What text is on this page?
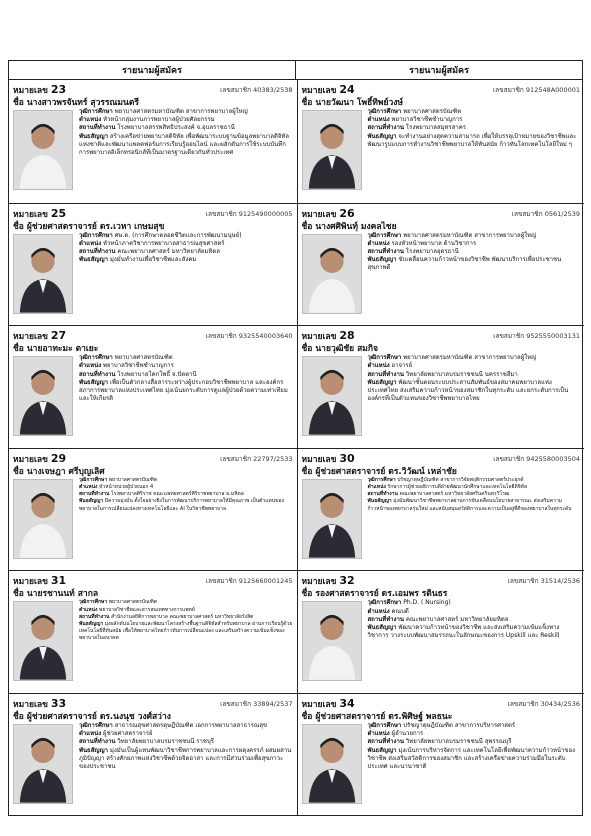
รายนามผู้สมัคร	รายนามผู้สมัคร
หมายเลข 23	เลขสมาชิก 40383/2538
ชื่อ นางสาวพรจันทร์ สุวรรณมนตรี

วุฒิการศึกษา พยาบาลศาสตรมหาบัณฑิต สาขาการพยาบาลผู้ใหญ่

ตำแหน่ง หัวหน้ากลุ่มงานการพยาบาลผู้ป่วยศัลยกรรม

สถานที่ทำงาน โรงพยาบาลสรรพสิทธิประสงค์ จ.อุบลราชธานี

พันธสัญญา สร้างเครือข่ายพยาบาลดิจิทัล เพื่อพัฒนาระบบฐานข้อมูลพยาบาลดิจิทัลแห่งชาติและพัฒนาแพลตฟอร์มการเรียนรู้ออนไลน์ และผลักดันการใช้ระบบบันทึกการพยาบาลอิเล็กทรอนิกส์ที่เป็นมาตรฐานเดียวกันทั่วประเทศ

หมายเลข 24	เลขสมาชิก 912548A000001
ชื่อ นายวัฒนา โพธิ์ทิพย์วงษ์

วุฒิการศึกษา พยาบาลศาสตรบัณฑิต

ตำแหน่ง พยาบาลวิชาชีพชำนาญการ

สถานที่ทำงาน โรงพยาบาลสมุทรสาคร

พันธสัญญา จะทำงานอย่างสุดความสามารถ เพื่อให้บรรลุเป้าหมายของวิชาชีพและพัฒนารูปแบบการทำงานวิชาชีพพยาบาลให้ทันสมัย ก้าวทันโลกเทคโนโลยีใหม่ ๆ

หมายเลข 25	เลขสมาชิก 9125490000005
ชื่อ ผู้ช่วยศาสตราจารย์ ดร.เวหา เกษมสุข

วุฒิการศึกษา ศษ.ด. (การศึกษาตลอดชีวิตและการพัฒนามนุษย์)

ตำแหน่ง หัวหน้าภาควิชาการพยาบาลสาธารณสุขศาสตร์

สถานที่ทำงาน คณะพยาบาลศาสตร์ มหาวิทยาลัยมหิดล

พันธสัญญา มุ่งมั่นทำงานเพื่อวิชาชีพและสังคม

หมายเลข 26	เลขสมาชิก 0561/2539
ชื่อ นางศศิพินทุ์ มงคลไชย

วุฒิการศึกษา พยาบาลศาสตรมหาบัณฑิต สาขาการพยาบาลผู้ใหญ่

ตำแหน่ง รองหัวหน้าพยาบาล ด้านวิชาการ

สถานที่ทำงาน โรงพยาบาลอุดรธานี

พันธสัญญา ขับเคลื่อนความก้าวหน้าของวิชาชีพ พัฒนาบริการเพื่อประชาชนสุขภาพดี

หมายเลข 27	เลขสมาชิก 9325540003640
ชื่อ นายอาทะมะ ตาเยะ

วุฒิการศึกษา พยาบาลศาสตรบัณฑิต

ตำแหน่ง พยาบาลวิชาชีพชำนาญการ

สถานที่ทำงาน โรงพยาบาลโคกโพธิ์ จ.ปัตตานี

พันธสัญญา เพื่อเป็นตัวกลางสื่อสารระหว่างผู้ประกอบวิชาชีพพยาบาล และองค์กรสภาการพยาบาลแห่งประเทศไทย มุ่งเน้นยกระดับการดูแลผู้ป่วยด้วยความเท่าเทียมและให้เกียรติ

หมายเลข 28	เลขสมาชิก 9525550003131
ชื่อ นายวุฒิชัย สมกิจ

วุฒิการศึกษา พยาบาลศาสตรมหาบัณฑิต สาขาการพยาบาลผู้ใหญ่

ตำแหน่ง อาจารย์

สถานที่ทำงาน วิทยาลัยพยาบาลบรมราชชนนี นครราชสีมา

พันธสัญญา พัฒนาชั้นตอนระบบประสานสัมพันธ์ของสมาคมพยาบาลแห่งประเทศไทย ส่งเสริมความก้าวหน้าของสมาชิกในทุกระดับ และยกระดับการเป็นองค์กรที่เป็นตัวแทนของวิชาชีพพยาบาลไทย

หมายเลข 29	เลขสมาชิก 22797/2533
ชื่อ นางเจษฎา ศรีบุญเลิศ

วุฒิการศึกษา พยาบาลศาสตรบัณฑิต

ตำแหน่ง หัวหน้าหน่วยผู้ป่วยนอก 4

สถานที่ทำงาน โรงพยาบาลศิริราช คณะแพทยศาสตร์ศิริราชพยาบาล ม.มหิดล

พันธสัญญา มีความมุ่งมั่น ตั้งใจอย่างยิ่งในการพัฒนาบริการพยาบาลให้มีคุณภาพ เป็นตัวแทนของพยาบาลในการเปลี่ยนแปลงทางเทคโนโลยีและ AI ในวิชาชีพพยาบาล

หมายเลข 30	เลขสมาชิก 9425580003504
ชื่อ ผู้ช่วยศาสตราจารย์ ดร.วิวัฒน์ เหล่าชัย

วุฒิการศึกษา ปรัชญาดุษฎีบัณฑิต สาขาการวิจัยพฤติกรรมศาสตร์ประยุกต์

ตำแหน่ง รักษาการผู้ช่วยอธิการบดีฝ่ายพัฒนานักศึกษาและเทคโนโลยีดิจิทัล

สถานที่ทำงาน คณะพยาบาลศาสตร์ มหาวิทยาลัยศรีนครินทรวิโรฒ

พันธสัญญา มุ่งมั่นพัฒนาวิชาชีพพยาบาลผ่านการขับเคลื่อนนโยบายสาธารณะ ส่งเสริมความก้าวหน้าของพยาบาลรุ่นใหม่ และสนับสนุนสวัสดิการและความเป็นอยู่ที่ดีของพยาบาลในทุกระดับ

หมายเลข 31	เลขสมาชิก 9125660001245
ชื่อ นายรชานนท์ สากล

วุฒิการศึกษา พยาบาลศาสตรบัณฑิต

ตำแหน่ง พยาบาลวิชาชีพและสารสนเทศทางการแพทย์

สถานที่ทำงาน สำนักงานสถิติการพยาบาล คณะพยาบาลศาสตร์ มหาวิทยาลัยรังสิต

พันธสัญญา มุ่งผลักดันนโยบายและพัฒนาโครงสร้างพื้นฐานดิจิทัลสำหรับพยาบาล ผ่านการเรียนรู้ด้วยเทคโนโลยีที่ทันสมัย เพื่อให้พยาบาลไทยก้าวทันการเปลี่ยนแปลง และเสริมสร้างความเข้มแข็งของพยาบาลในอนาคต

หมายเลข 32	เลขสมาชิก 31514/2536
ชื่อ รองศาสตราจารย์ ดร.เอมพร รตินธร

วุฒิการศึกษา Ph.D. ( Nursing)

ตำแหน่ง คณบดี

สถานที่ทำงาน คณะพยาบาลศาสตร์ มหาวิทยาลัยมหิดล

พันธสัญญา พัฒนาความก้าวหน้าของวิชาชีพ และส่งเสริมความเข้มแข็งทางวิชาการ วางระบบพัฒนาสมรรถนะในลักษณะของการ Upskill และ Reskill

หมายเลข 33	เลขสมาชิก 33894/2537
ชื่อ ผู้ช่วยศาสตราจารย์ ดร.นงนุช วงศ์สว่าง

วุฒิการศึกษา สาธารณสุขศาสตรดุษฎีบัณฑิต เอกการพยาบาลสาธารณสุข

ตำแหน่ง ผู้ช่วยศาสตราจารย์

สถานที่ทำงาน วิทยาลัยพยาบาลบรมราชชนนี ราชบุรี

พันธสัญญา มุ่งมั่นเป็นผู้แทนพัฒนาวิชาชีพการพยาบาลและการผดุงครรภ์ ผสมผสานภูมิปัญญา สร้างศักยภาพแห่งวิชาชีพด้วยจิตอาสา และการมีส่วนร่วมเพื่อสุขภาวะของประชาชน

หมายเลข 34	เลขสมาชิก 30434/2536
ชื่อ ผู้ช่วยศาสตราจารย์ ดร.พิศิษฐ์ พลธนะ

วุฒิการศึกษา ปรัชญาดุษฎีบัณฑิต สาขาการบริหารศาสตร์

ตำแหน่ง ผู้อำนวยการ

สถานที่ทำงาน วิทยาลัยพยาบาลบรมราชชนนี สุพรรณบุรี

พันธสัญญา มุ่งเน้นการบริหารจัดการ และเทคโนโลยีเพื่อพัฒนาความก้าวหน้าของวิชาชีพ ส่งเสริมสวัสดิการของสมาชิก และสร้างเครือข่ายความร่วมมือในระดับประเทศ และนานาชาติ
